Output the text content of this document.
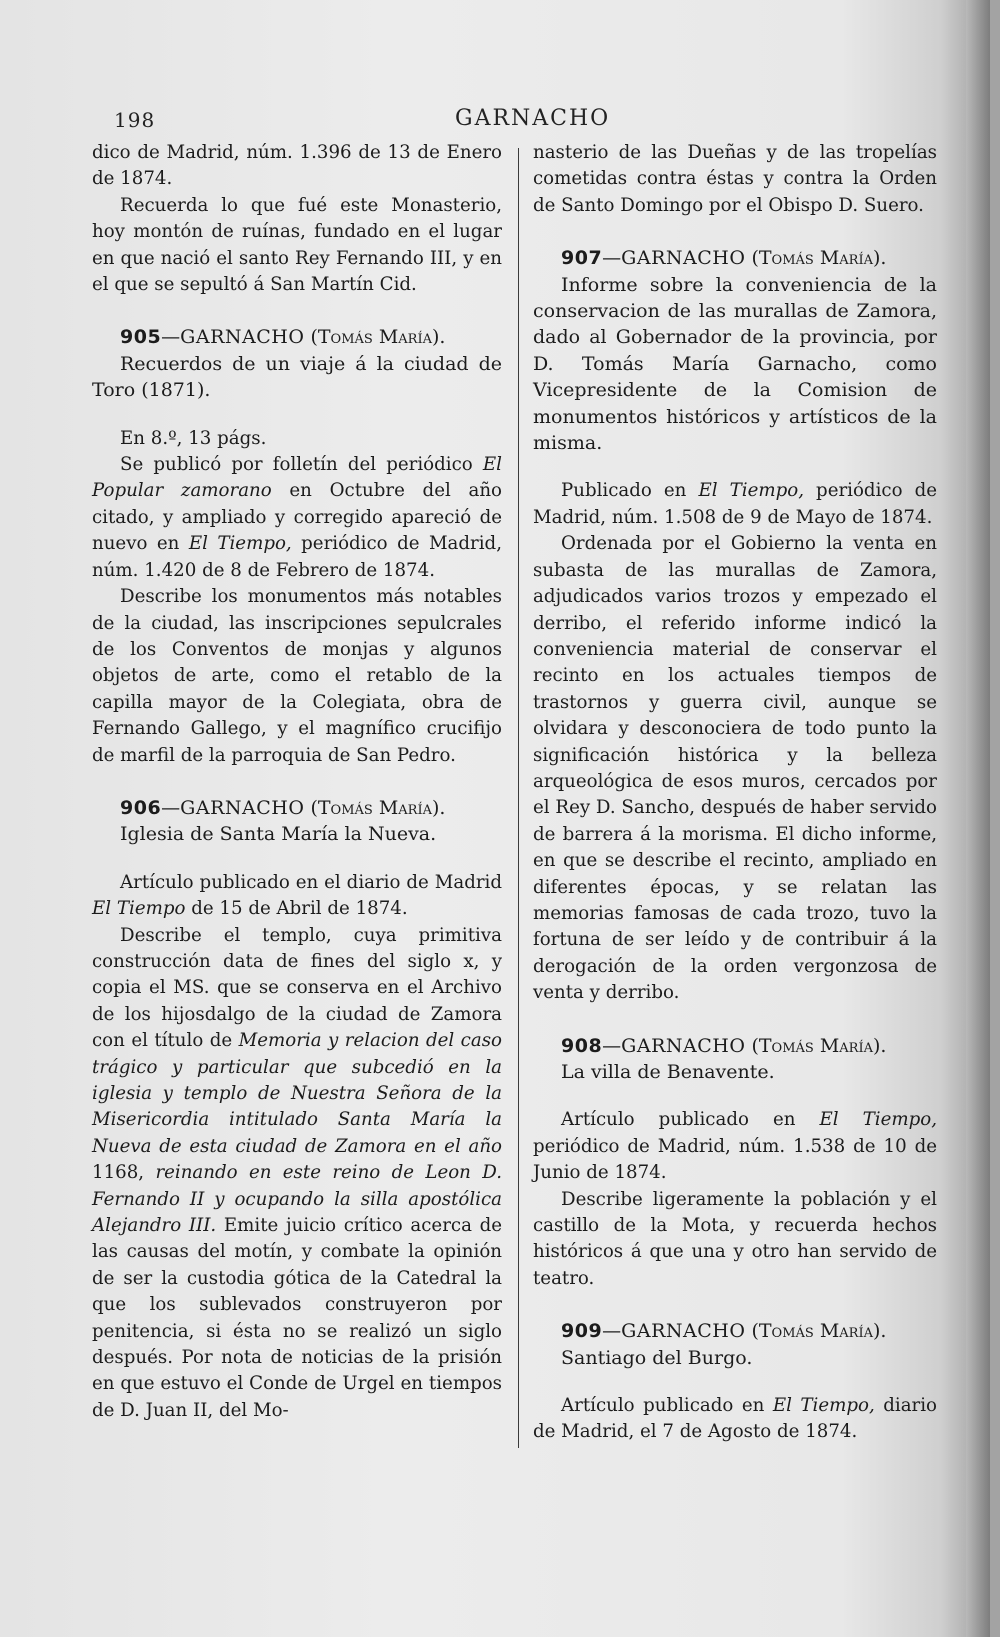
198	GARNACHO

dico de Madrid, núm. 1.396 de 13 de Enero de 1874.

Recuerda lo que fué este Monasterio, hoy montón de ruínas, fundado en el lugar en que nació el santo Rey Fernando III, y en el que se sepultó á San Martín Cid.

905—GARNACHO (Tomás María).

Recuerdos de un viaje á la ciudad de Toro (1871).

En 8.º, 13 págs.

Se publicó por folletín del periódico El Popular zamorano en Octubre del año citado, y ampliado y corregido apareció de nuevo en El Tiempo, periódico de Madrid, núm. 1.420 de 8 de Febrero de 1874.

Describe los monumentos más notables de la ciudad, las inscripciones sepulcrales de los Conventos de monjas y algunos objetos de arte, como el retablo de la capilla mayor de la Colegiata, obra de Fernando Gallego, y el magnífico crucifijo de marfil de la parroquia de San Pedro.

906—GARNACHO (Tomás María).

Iglesia de Santa María la Nueva.

Artículo publicado en el diario de Madrid El Tiempo de 15 de Abril de 1874.

Describe el templo, cuya primitiva construcción data de fines del siglo x, y copia el MS. que se conserva en el Archivo de los hijosdalgo de la ciudad de Zamora con el título de Memoria y relacion del caso trágico y particular que subcedió en la iglesia y templo de Nuestra Señora de la Misericordia intitulado Santa María la Nueva de esta ciudad de Zamora en el año 1168, reinando en este reino de Leon D. Fernando II y ocupando la silla apostólica Alejandro III. Emite juicio crítico acerca de las causas del motín, y combate la opinión de ser la custodia gótica de la Catedral la que los sublevados construyeron por penitencia, si ésta no se realizó un siglo después. Por nota de noticias de la prisión en que estuvo el Conde de Urgel en tiempos de D. Juan II, del Mo-

nasterio de las Dueñas y de las tropelías cometidas contra éstas y contra la Orden de Santo Domingo por el Obispo D. Suero.

907—GARNACHO (Tomás María).

Informe sobre la conveniencia de la conservacion de las murallas de Zamora, dado al Gobernador de la provincia, por D. Tomás María Garnacho, como Vicepresidente de la Comision de monumentos históricos y artísticos de la misma.

Publicado en El Tiempo, periódico de Madrid, núm. 1.508 de 9 de Mayo de 1874.

Ordenada por el Gobierno la venta en subasta de las murallas de Zamora, adjudicados varios trozos y empezado el derribo, el referido informe indicó la conveniencia material de conservar el recinto en los actuales tiempos de trastornos y guerra civil, aunque se olvidara y desconociera de todo punto la significación histórica y la belleza arqueológica de esos muros, cercados por el Rey D. Sancho, después de haber servido de barrera á la morisma. El dicho informe, en que se describe el recinto, ampliado en diferentes épocas, y se relatan las memorias famosas de cada trozo, tuvo la fortuna de ser leído y de contribuir á la derogación de la orden vergonzosa de venta y derribo.

908—GARNACHO (Tomás María).

La villa de Benavente.

Artículo publicado en El Tiempo, periódico de Madrid, núm. 1.538 de 10 de Junio de 1874.

Describe ligeramente la población y el castillo de la Mota, y recuerda hechos históricos á que una y otro han servido de teatro.

909—GARNACHO (Tomás María).

Santiago del Burgo.

Artículo publicado en El Tiempo, diario de Madrid, el 7 de Agosto de 1874.
